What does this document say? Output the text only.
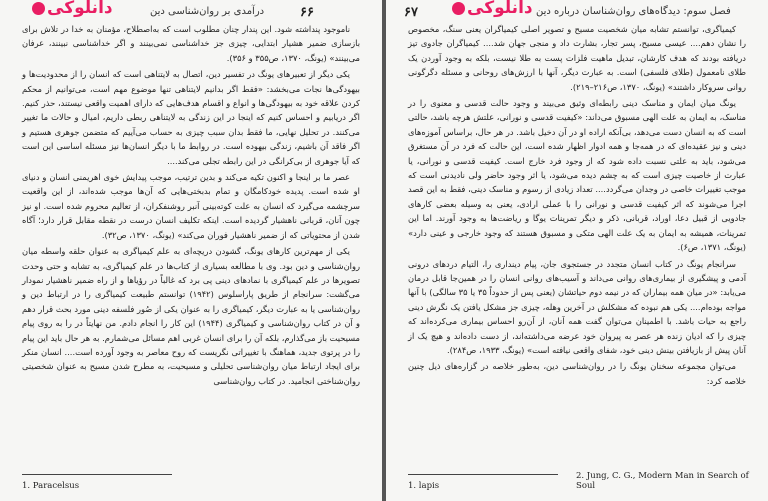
دانلوکی	درآمدی بر روان‌شناسی دین	۶۶

ناموجود پنداشته شود. این پندار چنان مطلوب است که به‌اصطلاح، مؤمنان به خدا در تلاش برای بازسازی ضمیر هشیار ابتدایی، چیزی جز خداشناسی نمی‌بینند و اگر خداشناسی نبینند، عرفان می‌بینند» (یونگ، ۱۳۷۰، ص۳۵۵ و ۳۵۶).

یکی دیگر از تعبیرهای یونگ در تفسیر دین، اتصال به لایتناهی است که انسان را از محدودیت‌ها و بیهودگی‌ها نجات می‌بخشد: «فقط اگر بدانیم لایتناهی تنها موضوع مهم است، می‌توانیم از محکم کردن علاقه خود به بیهودگی‌ها و انواع و اقسام هدف‌هایی که دارای اهمیت واقعی نیستند، حذر کنیم. اگر دریابیم و احساس کنیم که اینجا در این زندگی به لایتناهی ربطی داریم، امیال و حالات ما تغییر می‌کنند. در تحلیل نهایی، ما فقط بدان سبب چیزی به حساب می‌آییم که متضمن جوهری هستیم و اگر فاقد آن باشیم، زندگی بیهوده است. در روابط ما با دیگر انسان‌ها نیز مسئله اساسی این است که آیا جوهری از بی‌کرانگی در این رابطه تجلی می‌کند....

عصر ما بر اینجا و اکنون تکیه می‌کند و بدین ترتیب، موجب پیدایش خوی اهریمنی انسان و دنیای او شده است. پدیده خودکامگان و تمام بدبختی‌هایی که آن‌ها موجب شده‌اند، از این واقعیت سرچشمه می‌گیرد که انسان به علت کوته‌بینی آنبر روشنفکران، از تعالیم محروم شده است. او نیز چون آنان، قربانی ناهشیار گردیده است. اینکه تکلیف انسان درست در نقطه مقابل قرار دارد؛ آگاه شدن از محتویاتی که از ضمیر ناهشیار فوران می‌کند» (یونگ، ۱۳۷۰، ص۳۲).

یکی از مهم‌ترین کارهای یونگ، گشودن دریچه‌ای به علم کیمیاگری به عنوان حلقه واسطه میان روان‌شناسی و دین بود. وی با مطالعه بسیاری از کتاب‌ها در علم کیمیاگری، به تشابه و حتی وحدت تصویرها در علم کیمیاگری با نمادهای دینی پی برد که غالباً در رؤیاها و از راه ضمیر ناهشیار نمودار می‌گشت: سرانجام از طریق پاراسلوس (۱۹۴۲) توانستم طبیعت کیمیاگری را در ارتباط دین و روان‌شناسی یا به عبارت دیگر، کیمیاگری را به عنوان یکی از صُور فلسفه دینی مورد بحث قرار دهم و آن در کتاب روان‌شناسی و کیمیاگری (۱۹۴۴) این کار را انجام دادم. من نهایتاً در را به روی پیام مسیحیت باز می‌گذارم، بلکه آن را برای انسان غربی اهم مسائل می‌شمارم. به هر حال باید این پیام را در پرتوی جدید، هماهنگ با تغییراتی نگریست که روح معاصر به وجود آورده است.... انسان منکر برای ایجاد ارتباط میان روان‌شناسی تحلیلی و مسیحیت، به مطرح شدن مسیح به عنوان شخصیتی روان‌شناختی انجامید. در کتاب روان‌شناسی

1. Paracelsus
۶۷	دانلوکی فصل سوم: دیدگاه‌های روان‌شناسان درباره دین

کیمیاگری، توانستم تشابه میان شخصیت مسیح و تصویر اصلی کیمیاگران یعنی سنگ، مخصوص را نشان دهم.... عیسی مسیح، پسر تجار، بشارت داد و منجی جهان شد.... کیمیاگران جادوی تیز دریافته بودند که هدف کارشان، تبدیل ماهیت فلزات پست به طلا نیست، بلکه به وجود آوردن یک طلای نامعمول (طلای فلسفی) است. به عبارت دیگر، آنها با ارزش‌های روحانی و مسئله دگرگونی روانی سروکار داشتند» (یونگ، ۱۳۷۰، ص۲۱۶–۲۱۹).

یونگ میان ایمان و مناسک دینی رابطه‌ای وثیق می‌بیند و وجود حالت قدسی و معنوی را در مناسک، به ایمان به علت الهی مسبوق می‌داند: «کیفیت قدسی و نورانی، علتش هرچه باشد، حالتی است که به انسان دست می‌دهد، بی‌آنکه اراده او در آن دخیل باشد. در هر حال، براساس آموزه‌های دینی و نیز عقیده‌ای که در همه‌جا و همه ادوار اظهار شده است، این حالت که فرد در آن مستغرق می‌شود، باید به علتی نسبت داده شود که از وجود فرد خارج است. کیفیت قدسی و نورانی، یا عبارت از خاصیت چیزی است که به چشم دیده می‌شود، یا اثر وجود حاضر ولی نادیدنی است که موجب تغییرات خاصی در وجدان می‌گردد.... تعداد زیادی از رسوم و مناسک دینی، فقط به این قصد اجرا می‌شوند که اثر کیفیت قدسی و نورانی را با عملی ارادی، یعنی به وسیله بعضی کارهای جادویی از قبیل دعا، اوراد، قربانی، ذکر و دیگر تمرینات یوگا و ریاضت‌ها به وجود آورند. اما این تمرینات، همیشه به ایمان به یک علت الهی متکی و مسبوق هستند که وجود خارجی و عینی دارد» (یونگ، ۱۳۷۱، ص۶).

سرانجام یونگ در کتاب انسان متجدد در جستجوی جان، پیام دینداری را، التیام دردهای درونی آدمی و پیشگیری از بیماری‌های روانی می‌داند و آسیب‌های روانی انسان را در همین‌جا قابل درمان می‌یابد: «در میان همه بیماران که در نیمه دوم حیاتشان (یعنی پس از حدوداً ۳۵ یا ۳۵ سالگی) با آنها مواجه بوده‌ام.... یکی هم نبوده که مشکلش در آخرین وهله، چیزی جز مشکل یافتن یک نگرش دینی راجع به حیات باشد. با اطمینان می‌توان گفت همه آنان، از آن‌رو احساس بیماری می‌کرده‌اند که چیزی را که ادیان زنده هر عصر به پیروان خود عرضه می‌داشته‌اند، از دست داده‌اند و هیچ یک از آنان پیش از بازیافتن بینش دینی خود، شفای واقعی نیافته است» (یونگ، ۱۹۳۳، ص۲۸۴).

می‌توان مجموعه سخنان یونگ را در روان‌شناسی دین، به‌طور خلاصه در گزاره‌های ذیل چنین خلاصه کرد:

1. lapis
2. Jung, C. G., Modern Man in Search of Soul
